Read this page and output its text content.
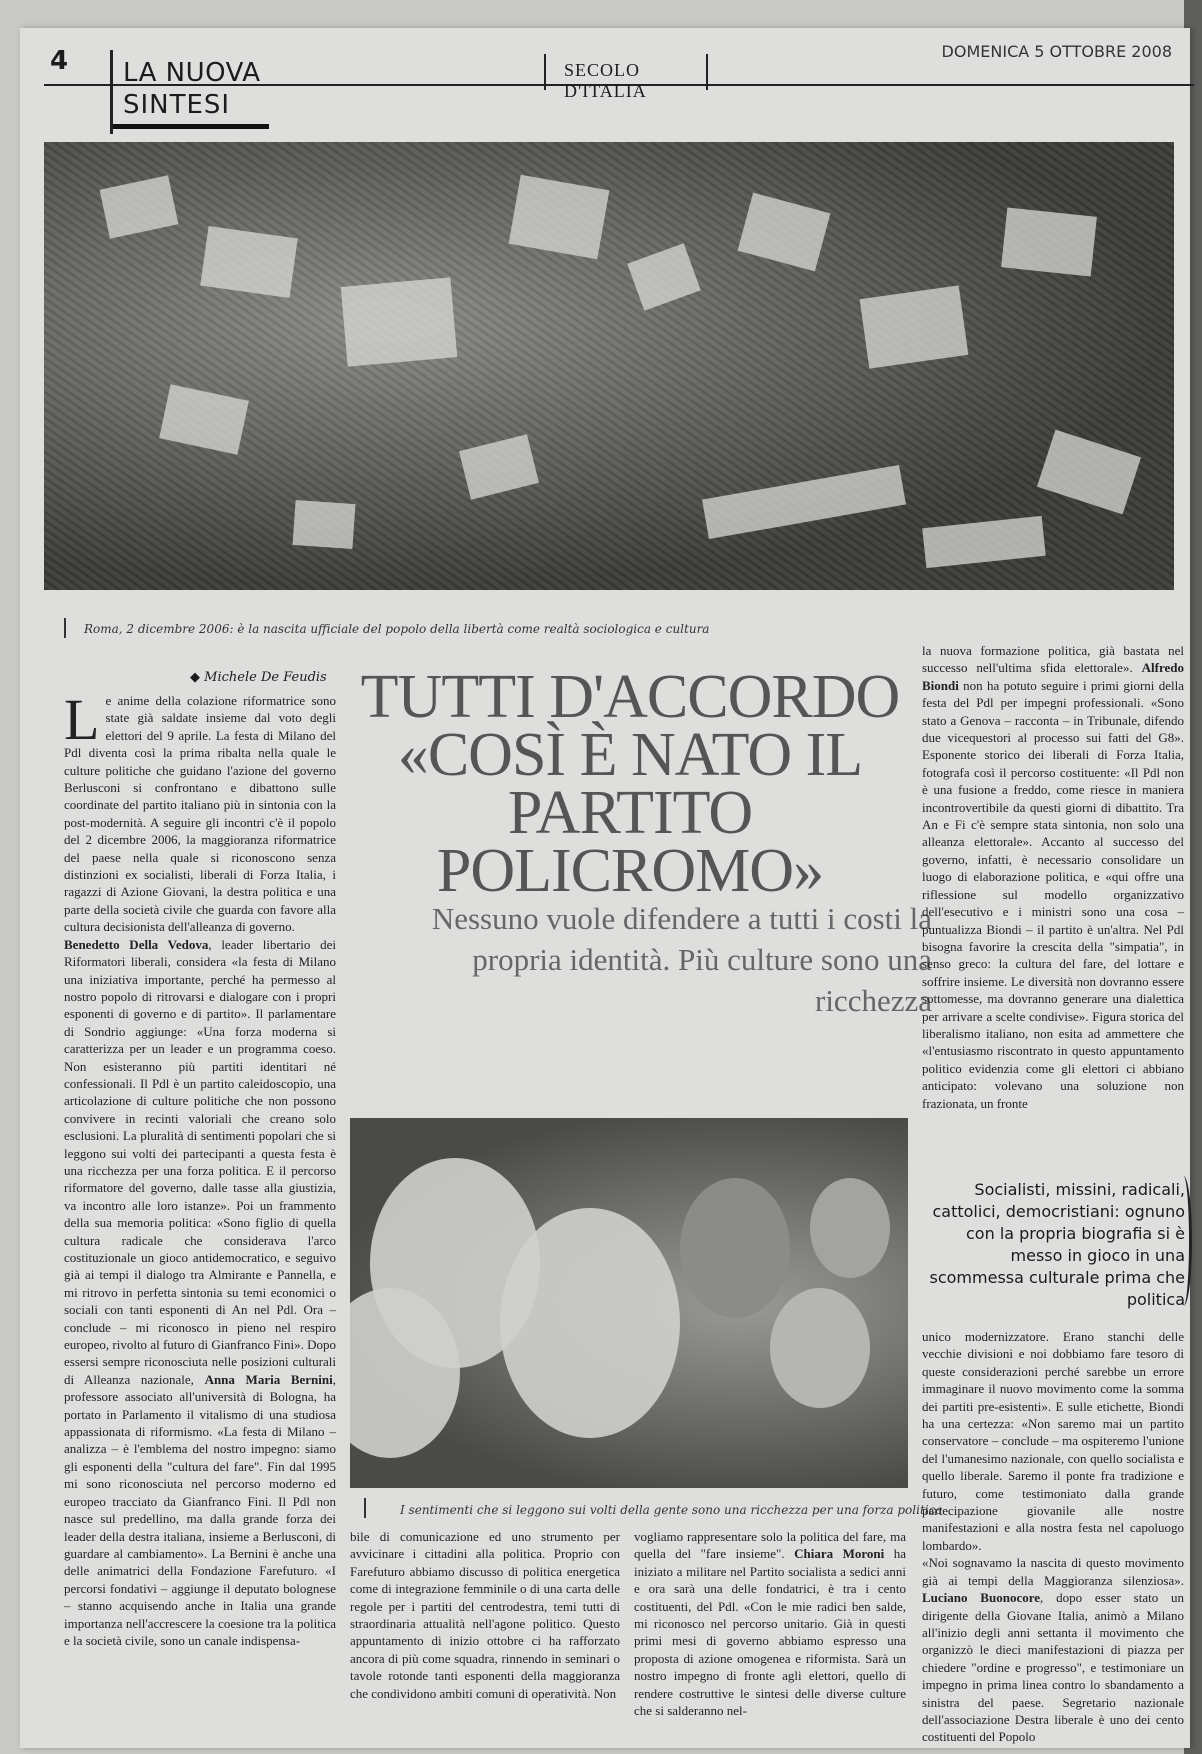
4 LA NUOVA
SINTESI
SECOLO D'ITALIA
DOMENICA 5 OTTOBRE 2008
Roma, 2 dicembre 2006: è la nascita ufficiale del popolo della libertà come realtà sociologica e cultura
◆ Michele De Feudis

L e anime della colazione riformatrice sono state già saldate insieme dal voto degli elettori del 9 aprile. La festa di Milano del Pdl diventa così la prima ribalta nella quale le culture politiche che guidano l'azione del governo Berlusconi si confrontano e dibattono sulle coordinate del partito italiano più in sintonia con la post-modernità. A seguire gli incontri c'è il popolo del 2 dicembre 2006, la maggioranza riformatrice del paese nella quale si riconoscono senza distinzioni ex socialisti, liberali di Forza Italia, i ragazzi di Azione Giovani, la destra politica e una parte della società civile che guarda con favore alla cultura decisionista dell'alleanza di governo.

Benedetto Della Vedova, leader libertario dei Riformatori liberali, considera «la festa di Milano una iniziativa importante, perché ha permesso al nostro popolo di ritrovarsi e dialogare con i propri esponenti di governo e di partito». Il parlamentare di Sondrio aggiunge: «Una forza moderna si caratterizza per un leader e un programma coeso. Non esisteranno più partiti identitari né confessionali. Il Pdl è un partito caleidoscopio, una articolazione di culture politiche che non possono convivere in recinti valoriali che creano solo esclusioni. La pluralità di sentimenti popolari che si leggono sui volti dei partecipanti a questa festa è una ricchezza per una forza politica. E il percorso riformatore del governo, dalle tasse alla giustizia, va incontro alle loro istanze». Poi un frammento della sua memoria politica: «Sono figlio di quella cultura radicale che considerava l'arco costituzionale un gioco antidemocratico, e seguivo già ai tempi il dialogo tra Almirante e Pannella, e mi ritrovo in perfetta sintonia su temi economici o sociali con tanti esponenti di An nel Pdl. Ora – conclude – mi riconosco in pieno nel respiro europeo, rivolto al futuro di Gianfranco Fini». Dopo essersi sempre riconosciuta nelle posizioni culturali di Alleanza nazionale, Anna Maria Bernini, professore associato all'università di Bologna, ha portato in Parlamento il vitalismo di una studiosa appassionata di riformismo. «La festa di Milano – analizza – è l'emblema del nostro impegno: siamo gli esponenti della "cultura del fare". Fin dal 1995 mi sono riconosciuta nel percorso moderno ed europeo tracciato da Gianfranco Fini. Il Pdl non nasce sul predellino, ma dalla grande forza dei leader della destra italiana, insieme a Berlusconi, di guardare al cambiamento». La Bernini è anche una delle animatrici della Fondazione Farefuturo. «I percorsi fondativi – aggiunge il deputato bolognese – stanno acquisendo anche in Italia una grande importanza nell'accrescere la coesione tra la politica e la società civile, sono un canale indispensa-

TUTTI D'ACCORDO «COSÌ È NATO IL PARTITO POLICROMO»
Nessuno vuole difendere a tutti i costi la propria identità. Più culture sono una ricchezza
I sentimenti che si leggono sui volti della gente sono una ricchezza per una forza politica

bile di comunicazione ed uno strumento per avvicinare i cittadini alla politica. Proprio con Farefuturo abbiamo discusso di politica energetica come di integrazione femminile o di una carta delle regole per i partiti del centrodestra, temi tutti di straordinaria attualità nell'agone politico. Questo appuntamento di inizio ottobre ci ha rafforzato ancora di più come squadra, rinnendo in seminari o tavole rotonde tanti esponenti della maggioranza che condividono ambiti comuni di operatività. Non

vogliamo rappresentare solo la politica del fare, ma quella del "fare insieme". Chiara Moroni ha iniziato a militare nel Partito socialista a sedici anni e ora sarà una delle fondatrici, è tra i cento costituenti, del Pdl. «Con le mie radici ben salde, mi riconosco nel percorso unitario. Già in questi primi mesi di governo abbiamo espresso una proposta di azione omogenea e riformista. Sarà un nostro impegno di fronte agli elettori, quello di rendere costruttive le sintesi delle diverse culture che si salderanno nel-

la nuova formazione politica, già bastata nel successo nell'ultima sfida elettorale». Alfredo Biondi non ha potuto seguire i primi giorni della festa del Pdl per impegni professionali. «Sono stato a Genova – racconta – in Tribunale, difendo due vicequestori al processo sui fatti del G8». Esponente storico dei liberali di Forza Italia, fotografa così il percorso costituente: «Il Pdl non è una fusione a freddo, come riesce in maniera incontrovertibile da questi giorni di dibattito. Tra An e Fi c'è sempre stata sintonia, non solo una alleanza elettorale». Accanto al successo del governo, infatti, è necessario consolidare un luogo di elaborazione politica, e «qui offre una riflessione sul modello organizzativo dell'esecutivo e i ministri sono una cosa – puntualizza Biondi – il partito è un'altra. Nel Pdl bisogna favorire la crescita della "simpatia", in senso greco: la cultura del fare, del lottare e soffrire insieme. Le diversità non dovranno essere sottomesse, ma dovranno generare una dialettica per arrivare a scelte condivise». Figura storica del liberalismo italiano, non esita ad ammettere che «l'entusiasmo riscontrato in questo appuntamento politico evidenzia come gli elettori ci abbiano anticipato: volevano una soluzione non frazionata, un fronte

Socialisti, missini, radicali, cattolici, democristiani: ognuno con la propria biografia si è messo in gioco in una scommessa culturale prima che politica

unico modernizzatore. Erano stanchi delle vecchie divisioni e noi dobbiamo fare tesoro di queste considerazioni perché sarebbe un errore immaginare il nuovo movimento come la somma dei partiti pre-esistenti». E sulle etichette, Biondi ha una certezza: «Non saremo mai un partito conservatore – conclude – ma ospiteremo l'unione del l'umanesimo nazionale, con quello socialista e quello liberale. Saremo il ponte fra tradizione e futuro, come testimoniato dalla grande partecipazione giovanile alle nostre manifestazioni e alla nostra festa nel capoluogo lombardo».

«Noi sognavamo la nascita di questo movimento già ai tempi della Maggioranza silenziosa». Luciano Buonocore, dopo esser stato un dirigente della Giovane Italia, animò a Milano all'inizio degli anni settanta il movimento che organizzò le dieci manifestazioni di piazza per chiedere "ordine e progresso", e testimoniare un impegno in prima linea contro lo sbandamento a sinistra del paese. Segretario nazionale dell'associazione Destra liberale è uno dei cento costituenti del Popolo
